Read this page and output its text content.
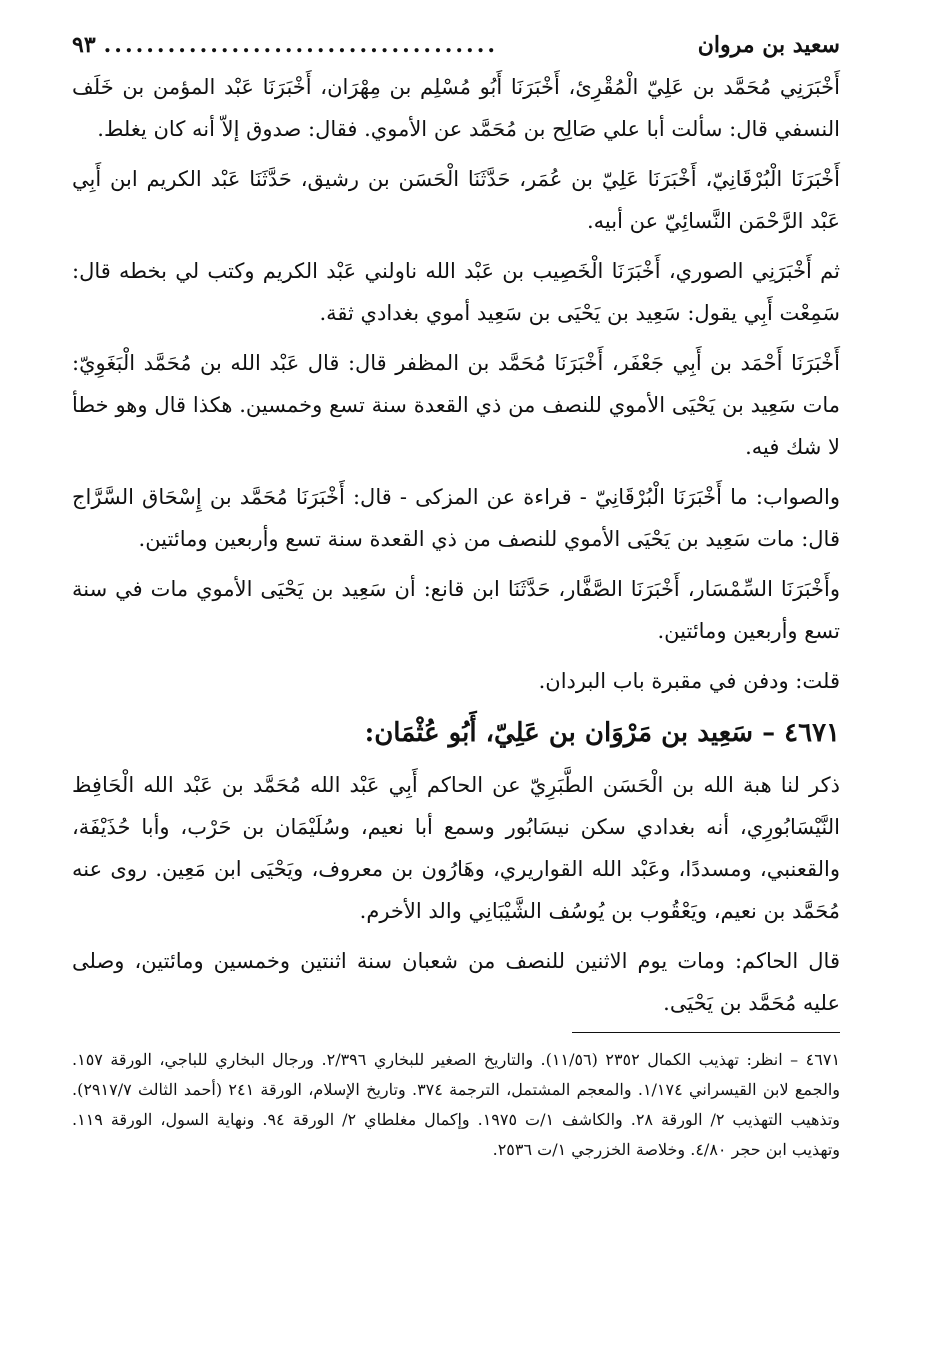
سعيد بن مروان
.....................................
٩٣

أَخْبَرَنِي مُحَمَّد بن عَلِيّ الْمُقْرِئ، أَخْبَرَنَا أَبُو مُسْلِم بن مِهْرَان، أَخْبَرَنَا عَبْد المؤمن بن خَلَف النسفي قال: سألت أبا علي صَالِح بن مُحَمَّد عن الأموي. فقال: صدوق إلاّ أنه كان يغلط.

أَخْبَرَنَا الْبُرْقَانِيّ، أَخْبَرَنَا عَلِيّ بن عُمَر، حَدَّثَنَا الْحَسَن بن رشيق، حَدَّثَنَا عَبْد الكريم ابن أَبِي عَبْد الرَّحْمَن النَّسائِيّ عن أبيه.

ثم أَخْبَرَنِي الصوري، أَخْبَرَنَا الْخَصِيب بن عَبْد الله ناولني عَبْد الكريم وكتب لي بخطه قال: سَمِعْت أَبِي يقول: سَعِيد بن يَحْيَى بن سَعِيد أموي بغدادي ثقة.

أَخْبَرَنَا أَحْمَد بن أَبِي جَعْفَر، أَخْبَرَنَا مُحَمَّد بن المظفر قال: قال عَبْد الله بن مُحَمَّد الْبَغَوِيّ: مات سَعِيد بن يَحْيَى الأموي للنصف من ذي القعدة سنة تسع وخمسين. هكذا قال وهو خطأ لا شك فيه.

والصواب: ما أَخْبَرَنَا الْبُرْقَانِيّ - قراءة عن المزكى - قال: أَخْبَرَنَا مُحَمَّد بن إِسْحَاق السَّرَّاج قال: مات سَعِيد بن يَحْيَى الأموي للنصف من ذي القعدة سنة تسع وأربعين ومائتين.

وأَخْبَرَنَا السِّمْسَار، أَخْبَرَنَا الصَّفَّار، حَدَّثَنَا ابن قانع: أن سَعِيد بن يَحْيَى الأموي مات في سنة تسع وأربعين ومائتين.

قلت: ودفن في مقبرة باب البردان.

٤٦٧١ – سَعِيد بن مَرْوَان بن عَلِيّ، أَبُو عُثْمَان:

ذكر لنا هبة الله بن الْحَسَن الطَّبَرِيّ عن الحاكم أَبِي عَبْد الله مُحَمَّد بن عَبْد الله الْحَافِظ النَّيْسَابُورِي، أنه بغدادي سكن نيسَابُور وسمع أبا نعيم، وسُلَيْمَان بن حَرْب، وأبا حُذَيْفَة، والقعنبي، ومسددًا، وعَبْد الله القواريري، وهَارُون بن معروف، ويَحْيَى ابن مَعِين. روى عنه مُحَمَّد بن نعيم، ويَعْقُوب بن يُوسُف الشَّيْبَانِي والد الأخرم.

قال الحاكم: ومات يوم الاثنين للنصف من شعبان سنة اثنتين وخمسين ومائتين، وصلى عليه مُحَمَّد بن يَحْيَى.

٤٦٧١ – انظر: تهذيب الكمال ٢٣٥٢ (١١/٥٦). والتاريخ الصغير للبخاري ٢/٣٩٦. ورجال البخاري للباجي، الورقة ١٥٧. والجمع لابن القيسراني ١/١٧٤. والمعجم المشتمل، الترجمة ٣٧٤. وتاريخ الإسلام، الورقة ٢٤١ (أحمد الثالث ٢٩١٧/٧). وتذهيب التهذيب ٢/ الورقة ٢٨. والكاشف ١/ت ١٩٧٥. وإكمال مغلطاي ٢/ الورقة ٩٤. ونهاية السول، الورقة ١١٩. وتهذيب ابن حجر ٤/٨٠. وخلاصة الخزرجي ١/ت ٢٥٣٦.
